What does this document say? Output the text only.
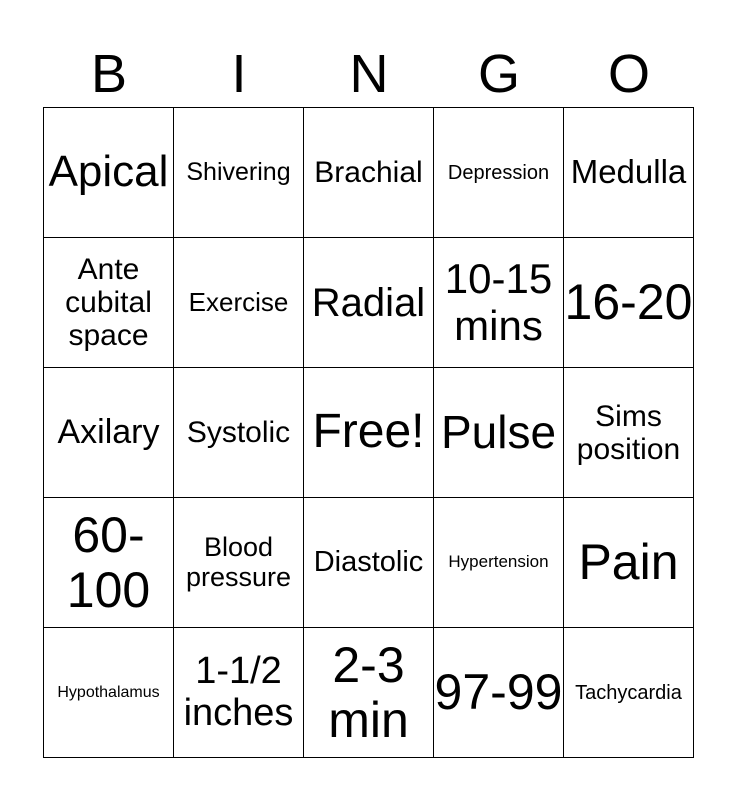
B	I	N	G	O
Apical	Shivering	Brachial	Depression	Medulla

Ante cubital space	Exercise	Radial	10-15 mins	16-20

Axilary	Systolic	Free!	Pulse	Sims position

60-100	Blood pressure	Diastolic	Hypertension	Pain

Hypothalamus	1-1/2 inches	2-3 min	97-99	Tachycardia
